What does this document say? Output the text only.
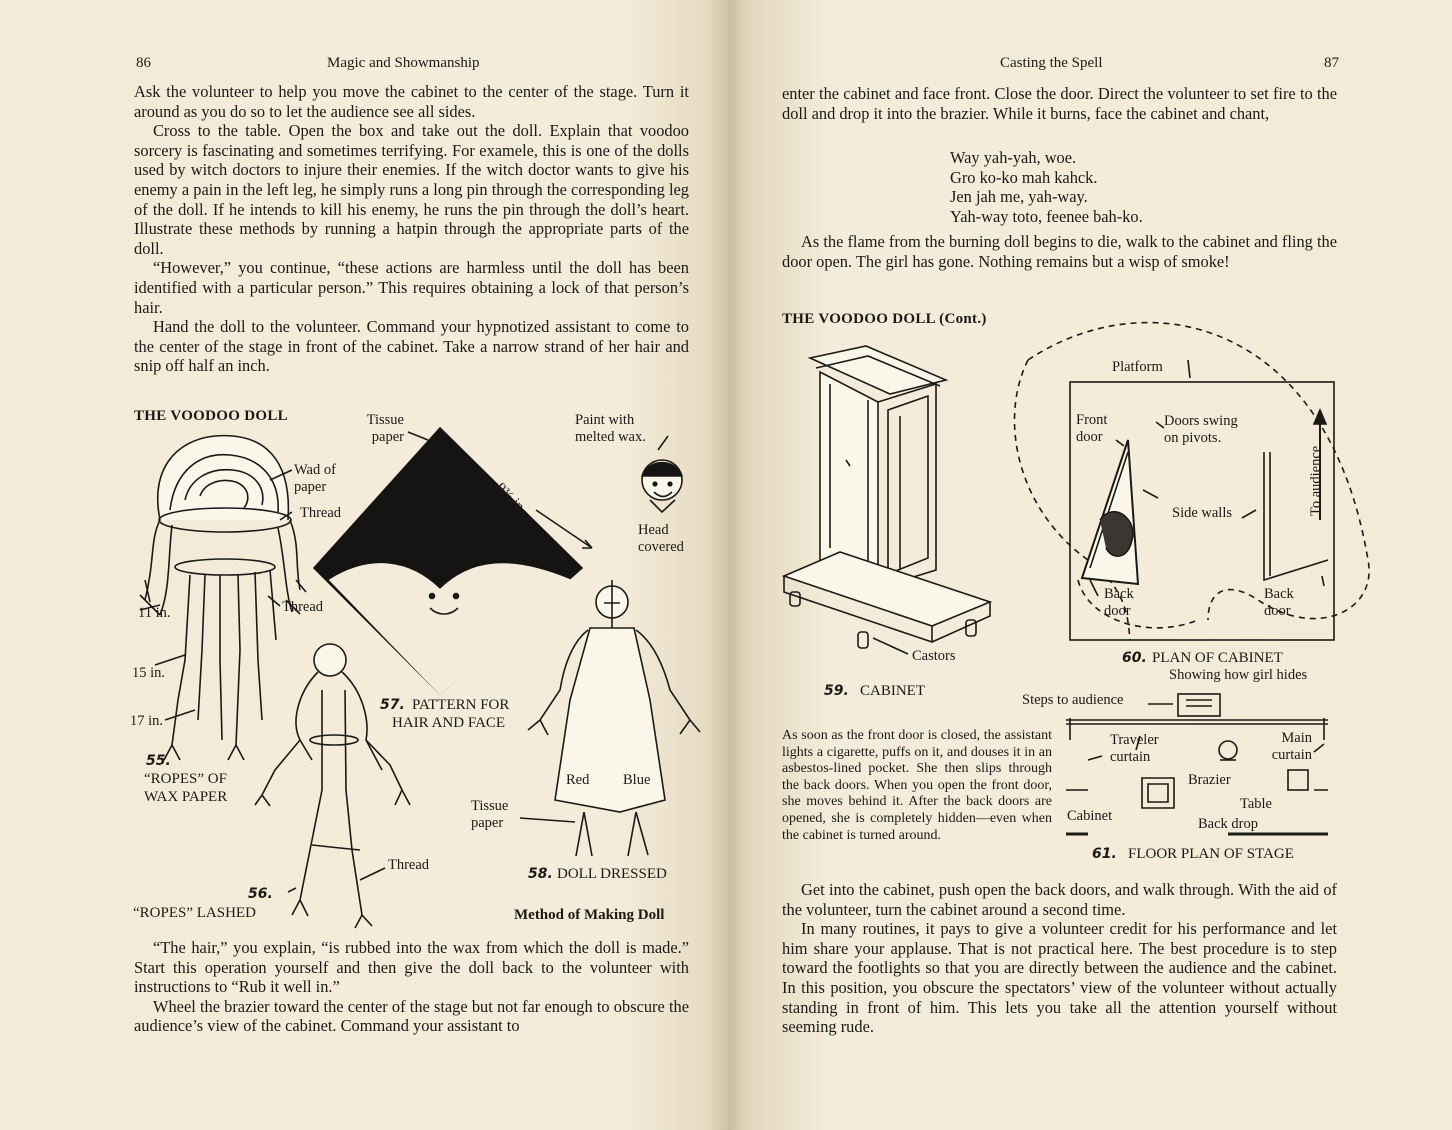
86	Magic and Showmanship

Ask the volunteer to help you move the cabinet to the center of the stage. Turn it around as you do so to let the audience see all sides.

Cross to the table. Open the box and take out the doll. Explain that voodoo sorcery is fascinating and sometimes terrifying. For examele, this is one of the dolls used by witch doctors to injure their enemies. If the witch doctor wants to give his enemy a pain in the left leg, he simply runs a long pin through the corresponding leg of the doll. If he intends to kill his enemy, he runs the pin through the doll’s heart. Illustrate these methods by running a hatpin through the appropriate parts of the doll.

“However,” you continue, “these actions are harmless until the doll has been identified with a particular person.” This requires obtaining a lock of that person’s hair.

Hand the doll to the volunteer. Command your hypnotized assistant to come to the center of the stage in front of the cabinet. Take a narrow strand of her hair and snip off half an inch.

THE VOODOO DOLL	Tissue paper
Paint with melted wax.
Wad of paper
Thread
Thread
Thread
9¾ in.
Head covered
11 in.
15 in.
17 in.
Red Blue
Tissue paper
55.
“ROPES” OF WAX PAPER
56.
“ROPES” LASHED
57. PATTERN FOR HAIR AND FACE
58. DOLL DRESSED
Method of Making Doll

“The hair,” you explain, “is rubbed into the wax from which the doll is made.” Start this operation yourself and then give the doll back to the volunteer with instructions to “Rub it well in.”

Wheel the brazier toward the center of the stage but not far enough to obscure the audience’s view of the cabinet. Command your assistant to

Casting the Spell	87
enter the cabinet and face front. Close the door. Direct the volunteer to set fire to the doll and drop it into the brazier. While it burns, face the cabinet and chant,

Way yah-yah, woe.

Gro ko-ko mah kahck.

Jen jah me, yah-way.

Yah-way toto, feenee bah-ko.

As the flame from the burning doll begins to die, walk to the cabinet and fling the door open. The girl has gone. Nothing remains but a wisp of smoke!

THE VOODOO DOLL (Cont.)
Platform
Front door
Doors swing on pivots.
To audience
Side walls
Back door
Back door
Castors
59. CABINET
60. PLAN OF CABINET
Showing how girl hides
Steps to audience
Traveler curtain
Main curtain
Brazier
Table
Cabinet	Back drop
As soon as the front door is closed, the assistant lights a cigarette, puffs on it, and douses it in an asbestos-lined pocket. She then slips through the back doors. When you open the front door, she moves behind it. After the back doors are opened, she is completely hidden—even when the cabinet is turned around.
61. FLOOR PLAN OF STAGE

Get into the cabinet, push open the back doors, and walk through. With the aid of the volunteer, turn the cabinet around a second time.

In many routines, it pays to give a volunteer credit for his performance and let him share your applause. That is not practical here. The best procedure is to step toward the footlights so that you are directly between the audience and the cabinet. In this position, you obscure the spectators’ view of the volunteer without actually standing in front of him. This lets you take all the attention yourself without seeming rude.
